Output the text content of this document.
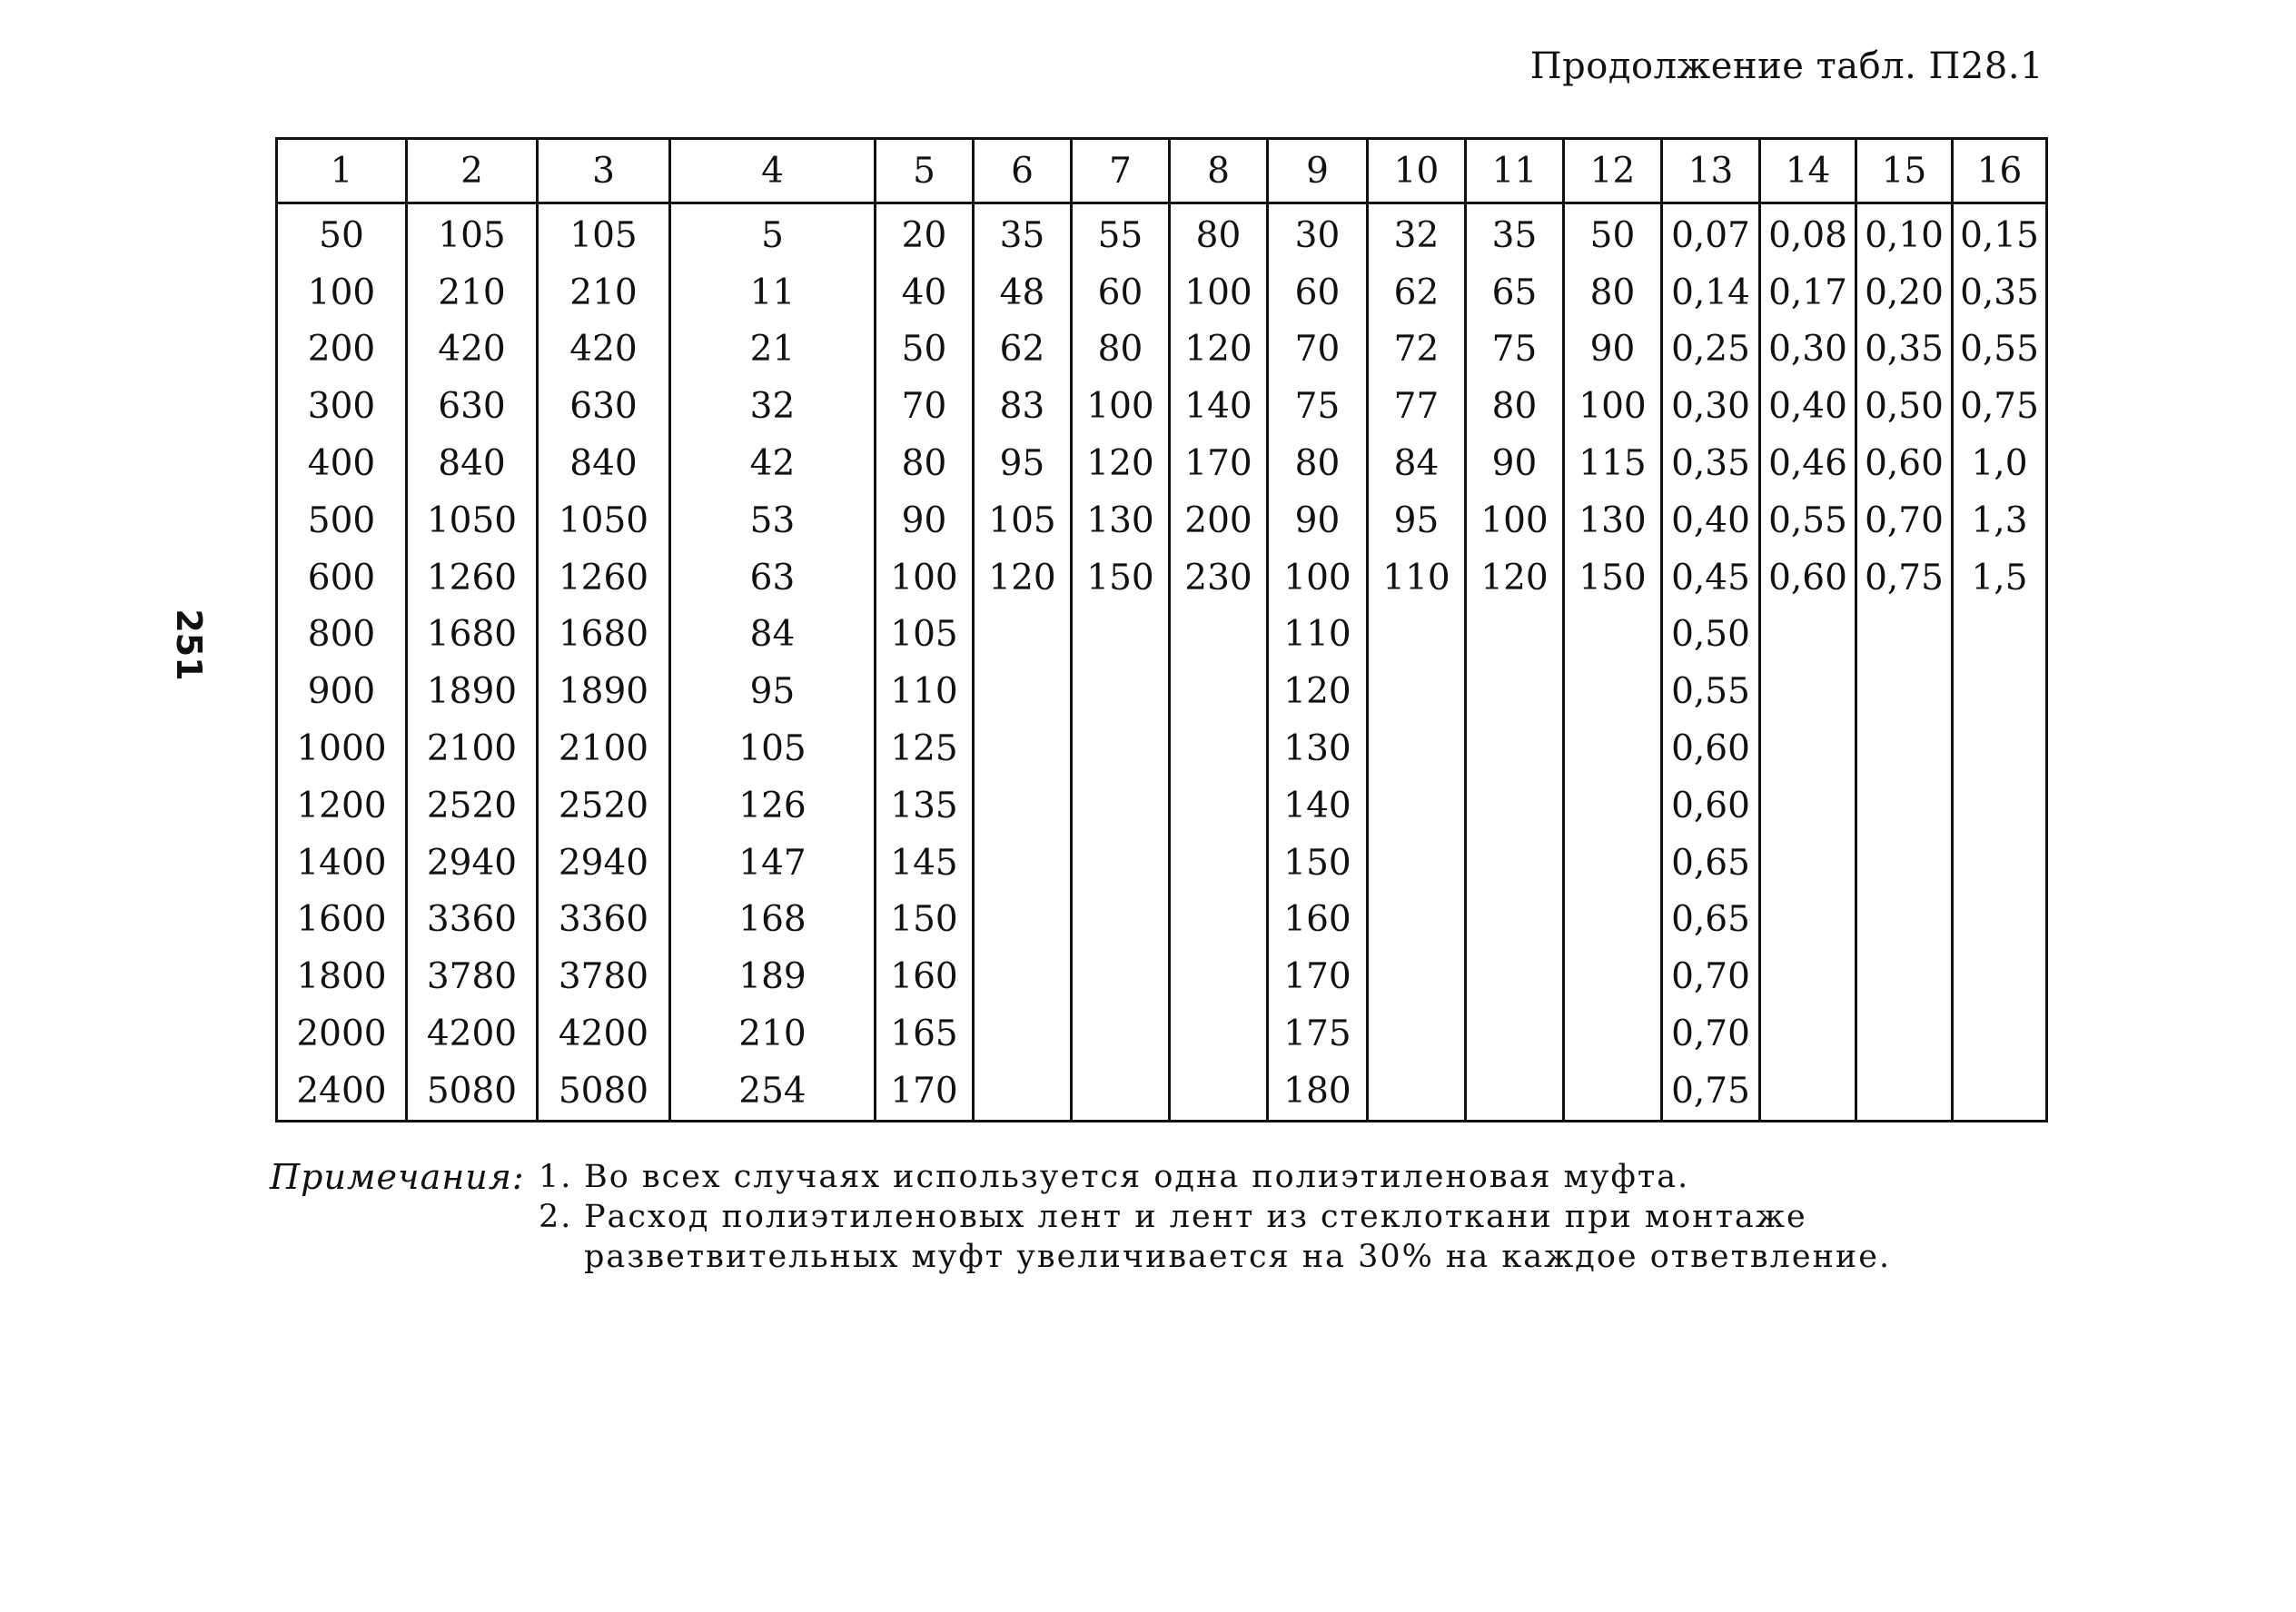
Продолжение табл. П28.1
251
1	2	3	4	5	6	7	8	9	10	11	12	13	14	15	16
50	105	105	5	20	35	55	80	30	32	35	50	0,07	0,08	0,10	0,15
100	210	210	11	40	48	60	100	60	62	65	80	0,14	0,17	0,20	0,35
200	420	420	21	50	62	80	120	70	72	75	90	0,25	0,30	0,35	0,55
300	630	630	32	70	83	100	140	75	77	80	100	0,30	0,40	0,50	0,75
400	840	840	42	80	95	120	170	80	84	90	115	0,35	0,46	0,60	1,0
500	1050	1050	53	90	105	130	200	90	95	100	130	0,40	0,55	0,70	1,3
600	1260	1260	63	100	120	150	230	100	110	120	150	0,45	0,60	0,75	1,5
800	1680	1680	84	105				110				0,50			
900	1890	1890	95	110				120				0,55			
1000	2100	2100	105	125				130				0,60			
1200	2520	2520	126	135				140				0,60			
1400	2940	2940	147	145				150				0,65			
1600	3360	3360	168	150				160				0,65			
1800	3780	3780	189	160				170				0,70			
2000	4200	4200	210	165				175				0,70			
2400	5080	5080	254	170				180				0,75			
Примечания: 1. Во всех случаях используется одна полиэтиленовая муфта.
2. Расход полиэтиленовых лент и лент из стеклоткани при монтаже разветвительных муфт увеличивается на 30% на каждое ответвление.
